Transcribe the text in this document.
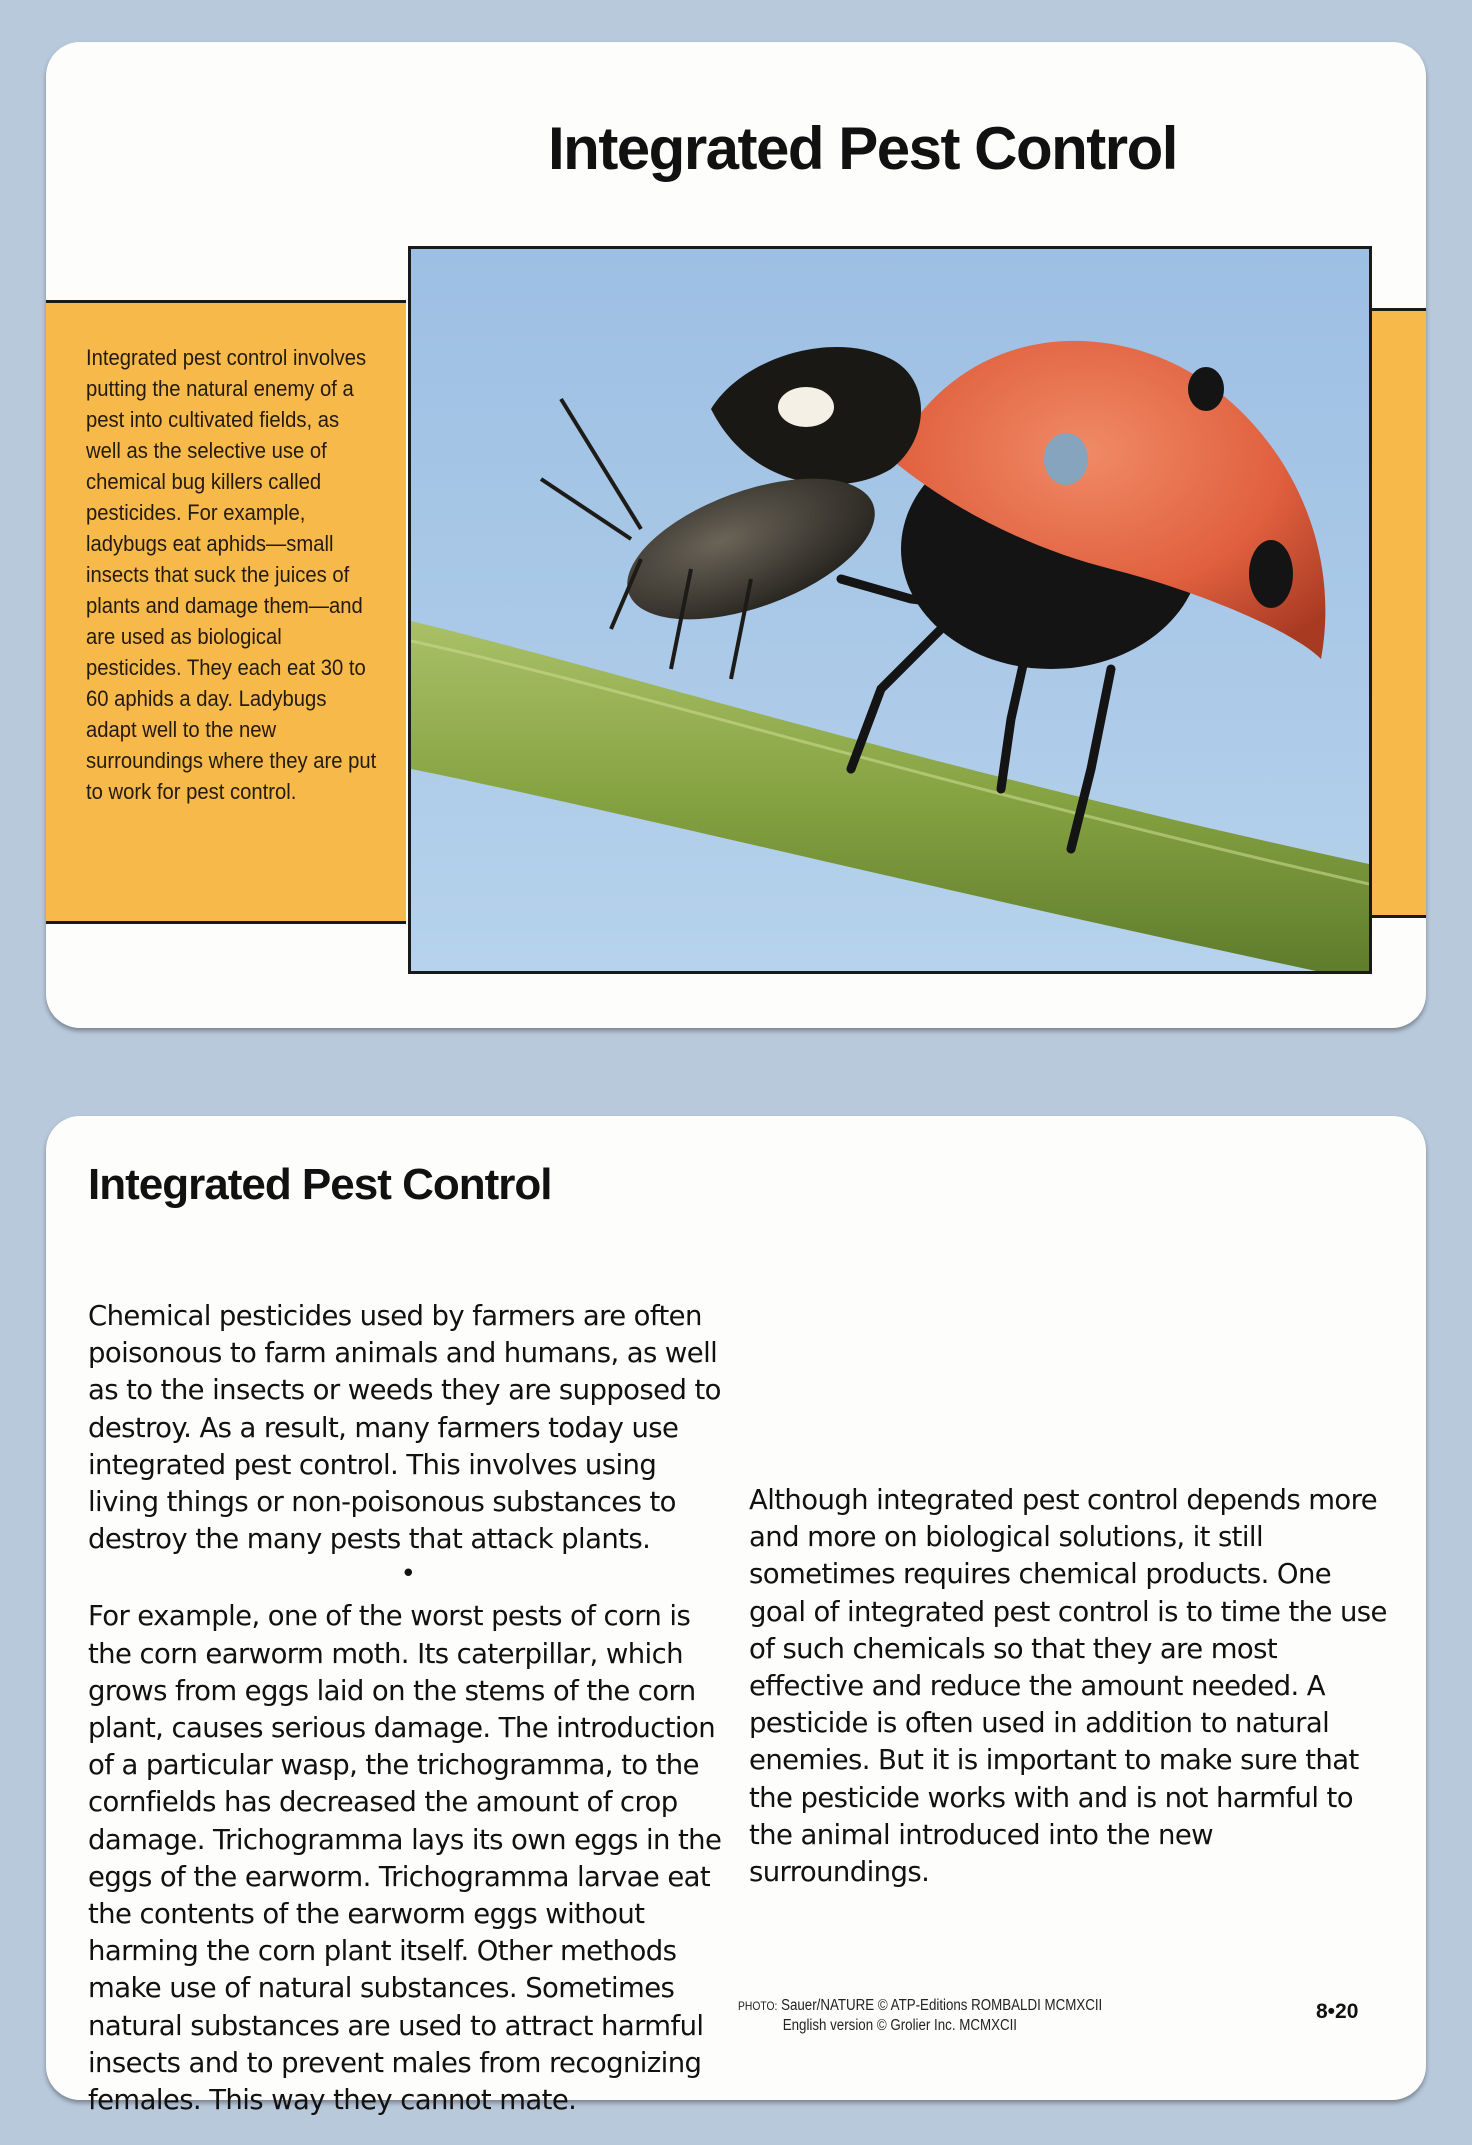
Integrated Pest Control

Integrated pest control involves putting the natural enemy of a pest into cultivated fields, as well as the selective use of chemical bug killers called pesticides. For example, ladybugs eat aphids—small insects that suck the juices of plants and damage them—and are used as biological pesticides. They each eat 30 to 60 aphids a day. Ladybugs adapt well to the new surroundings where they are put to work for pest control.

Integrated Pest Control

Chemical pesticides used by farmers are often poisonous to farm animals and humans, as well as to the insects or weeds they are supposed to destroy. As a result, many farmers today use integrated pest control. This involves using living things or non-poisonous substances to destroy the many pests that attack plants.

•

For example, one of the worst pests of corn is the corn earworm moth. Its caterpillar, which grows from eggs laid on the stems of the corn plant, causes serious damage. The introduction of a particular wasp, the trichogramma, to the cornfields has decreased the amount of crop damage. Trichogramma lays its own eggs in the eggs of the earworm. Trichogramma larvae eat the contents of the earworm eggs without harming the corn plant itself. Other methods make use of natural substances. Sometimes natural substances are used to attract harmful insects and to prevent males from recognizing females. This way they cannot mate.

Although integrated pest control depends more and more on biological solutions, it still sometimes requires chemical products. One goal of integrated pest control is to time the use of such chemicals so that they are most effective and reduce the amount needed. A pesticide is often used in addition to natural enemies. But it is important to make sure that the pesticide works with and is not harmful to the animal introduced into the new surroundings.

PHOTO: Sauer/NATURE © ATP-Editions ROMBALDI MCMXCII
English version © Grolier Inc. MCMXCII
8•20
